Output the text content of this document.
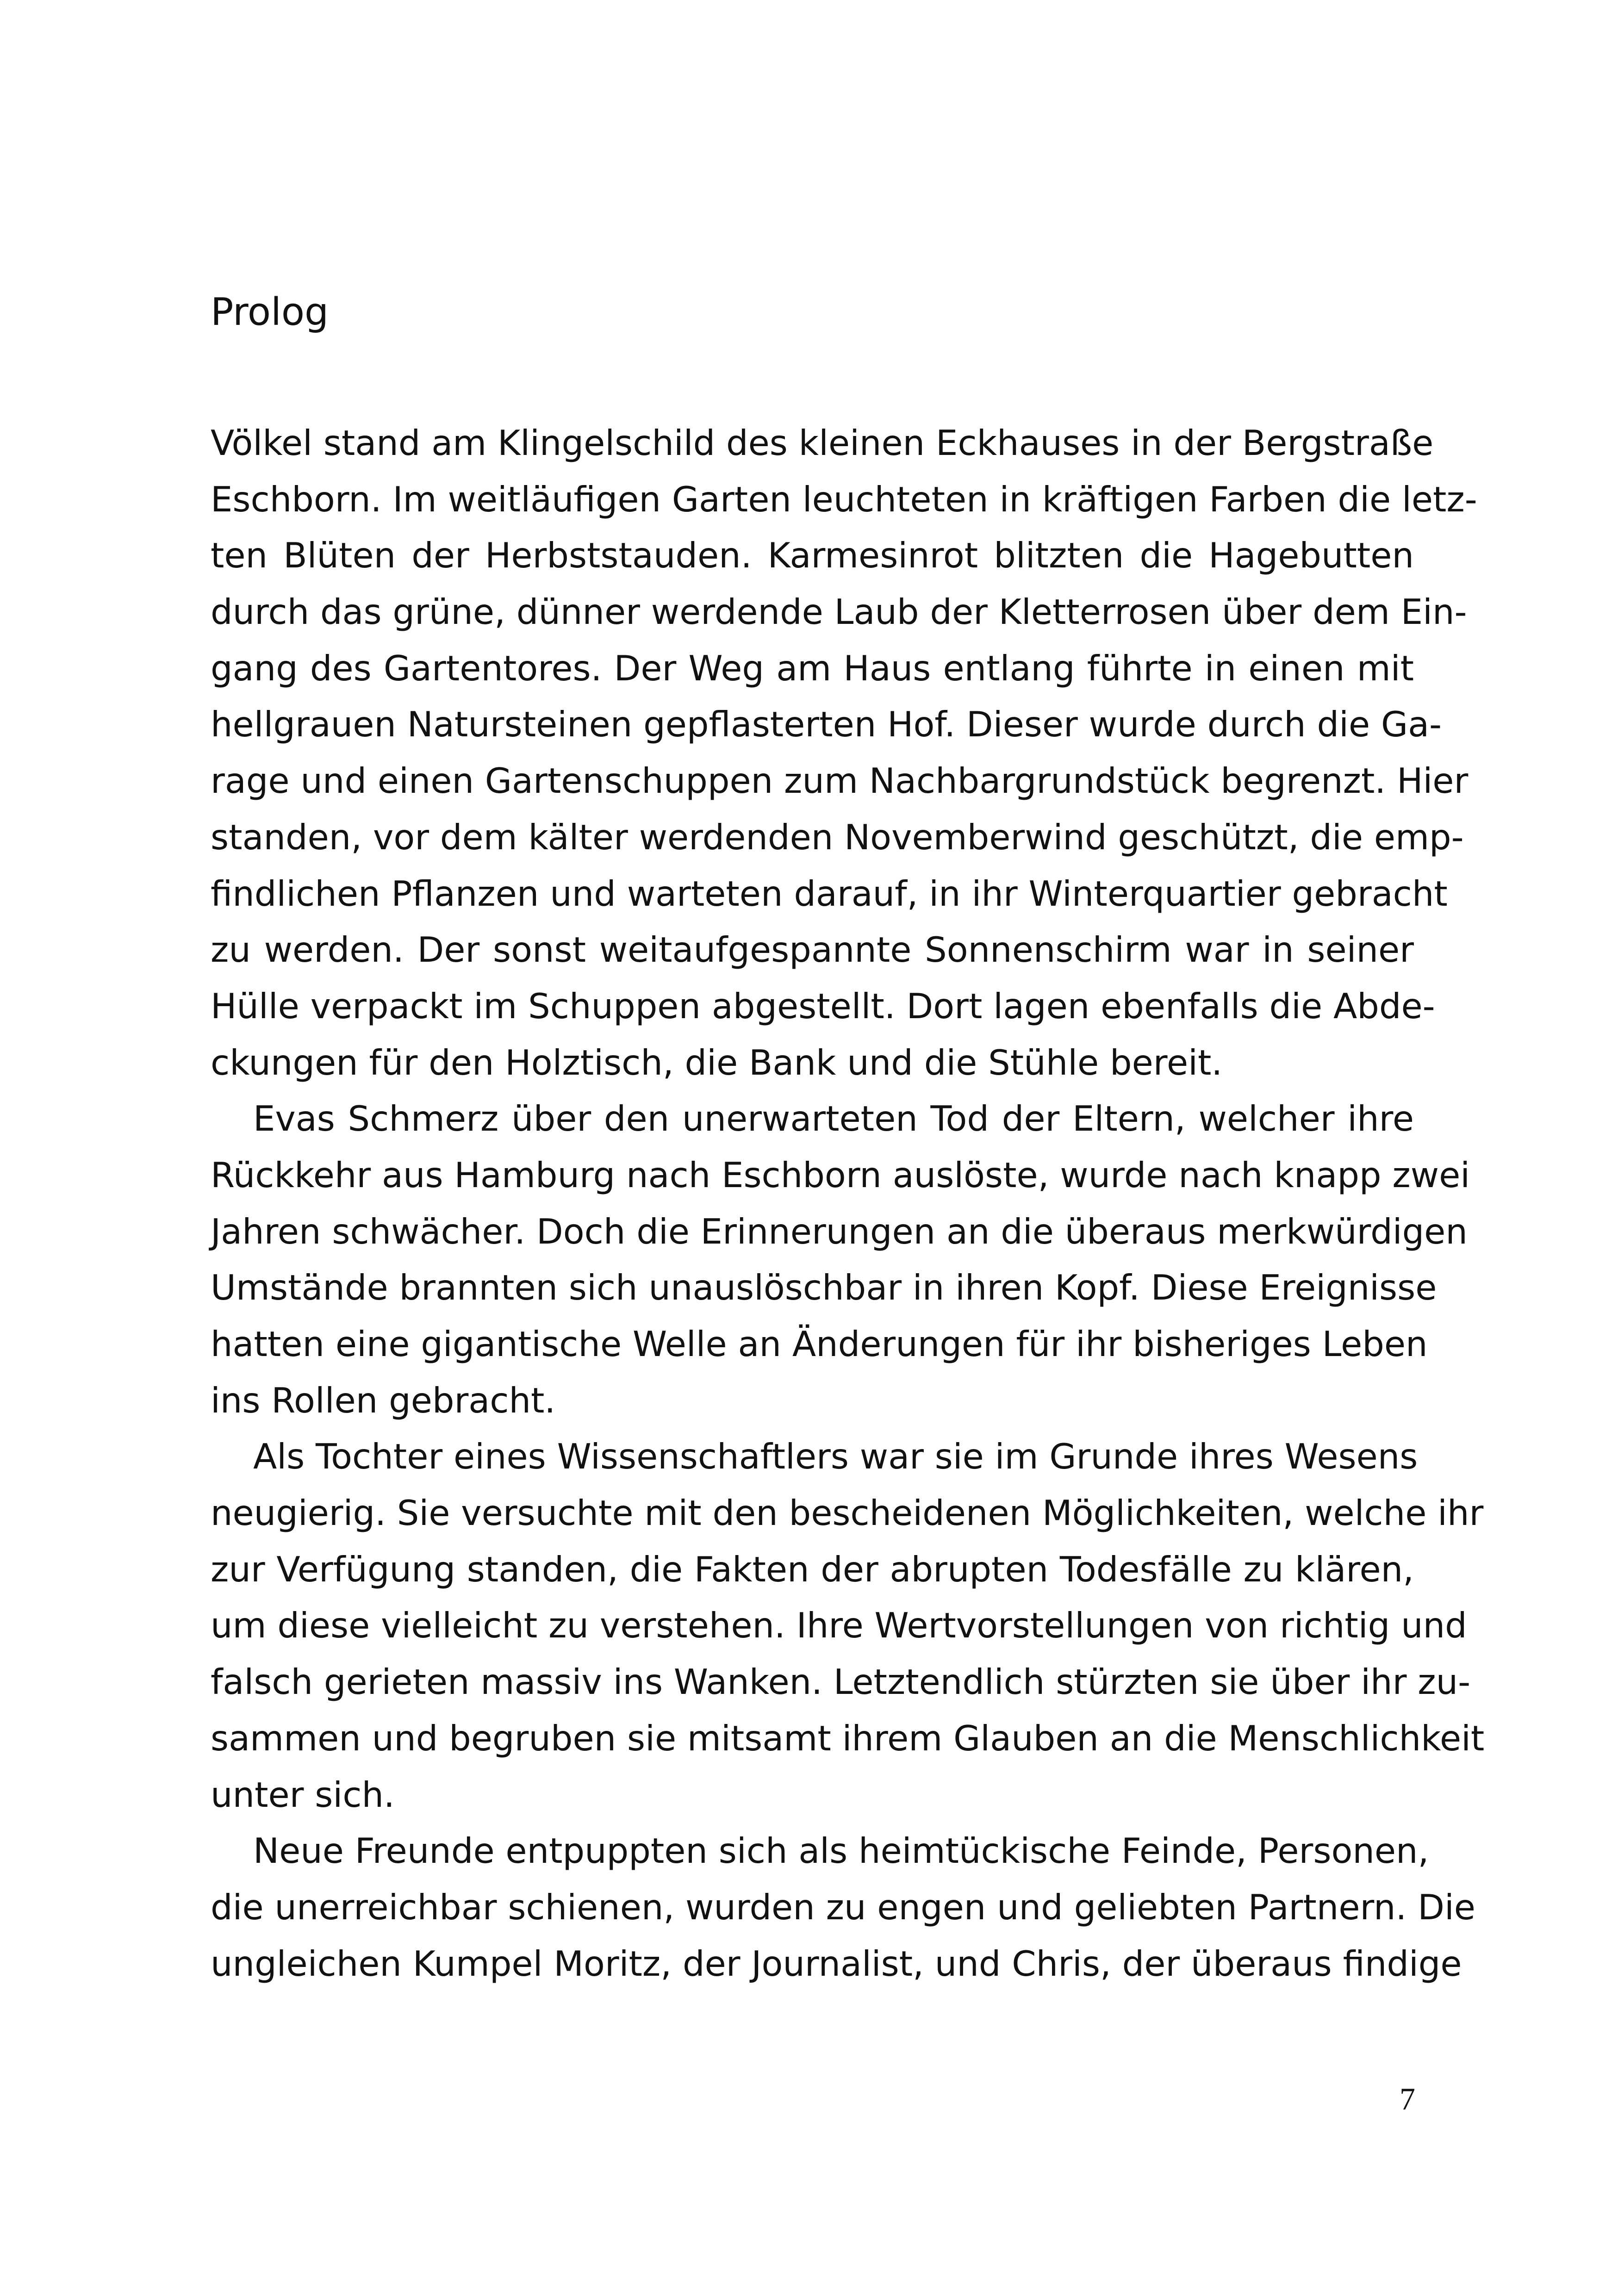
Prolog
Völkel stand am Klingelschild des kleinen Eckhauses in der Bergstraße
Eschborn. Im weitläufigen Garten leuchteten in kräftigen Farben die letz-
ten Blüten der Herbststauden. Karmesinrot blitzten die Hagebutten
durch das grüne, dünner werdende Laub der Kletterrosen über dem Ein-
gang des Gartentores. Der Weg am Haus entlang führte in einen mit
hellgrauen Natursteinen gepflasterten Hof. Dieser wurde durch die Ga-
rage und einen Gartenschuppen zum Nachbargrundstück begrenzt. Hier
standen, vor dem kälter werdenden Novemberwind geschützt, die emp-
findlichen Pflanzen und warteten darauf, in ihr Winterquartier gebracht
zu werden. Der sonst weitaufgespannte Sonnenschirm war in seiner
Hülle verpackt im Schuppen abgestellt. Dort lagen ebenfalls die Abde-
ckungen für den Holztisch, die Bank und die Stühle bereit.
Evas Schmerz über den unerwarteten Tod der Eltern, welcher ihre
Rückkehr aus Hamburg nach Eschborn auslöste, wurde nach knapp zwei
Jahren schwächer. Doch die Erinnerungen an die überaus merkwürdigen
Umstände brannten sich unauslöschbar in ihren Kopf. Diese Ereignisse
hatten eine gigantische Welle an Änderungen für ihr bisheriges Leben
ins Rollen gebracht.
Als Tochter eines Wissenschaftlers war sie im Grunde ihres Wesens
neugierig. Sie versuchte mit den bescheidenen Möglichkeiten, welche ihr
zur Verfügung standen, die Fakten der abrupten Todesfälle zu klären,
um diese vielleicht zu verstehen. Ihre Wertvorstellungen von richtig und
falsch gerieten massiv ins Wanken. Letztendlich stürzten sie über ihr zu-
sammen und begruben sie mitsamt ihrem Glauben an die Menschlichkeit
unter sich.
Neue Freunde entpuppten sich als heimtückische Feinde, Personen,
die unerreichbar schienen, wurden zu engen und geliebten Partnern. Die
ungleichen Kumpel Moritz, der Journalist, und Chris, der überaus findige
7
